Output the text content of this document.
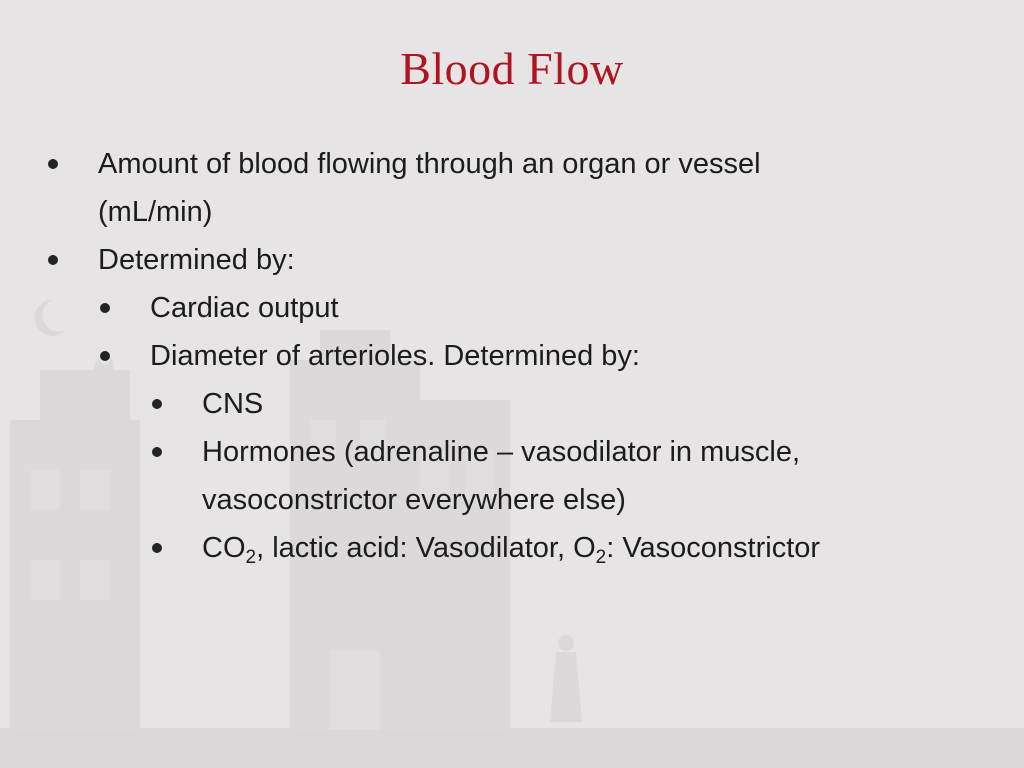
Blood Flow
Amount of blood flowing through an organ or vessel
(mL/min)
Determined by:
Cardiac output
Diameter of arterioles. Determined by:
CNS
Hormones (adrenaline – vasodilator in muscle,
vasoconstrictor everywhere else)
$CO_2$, lactic acid: Vasodilator, $O_2$: Vasoconstrictor
